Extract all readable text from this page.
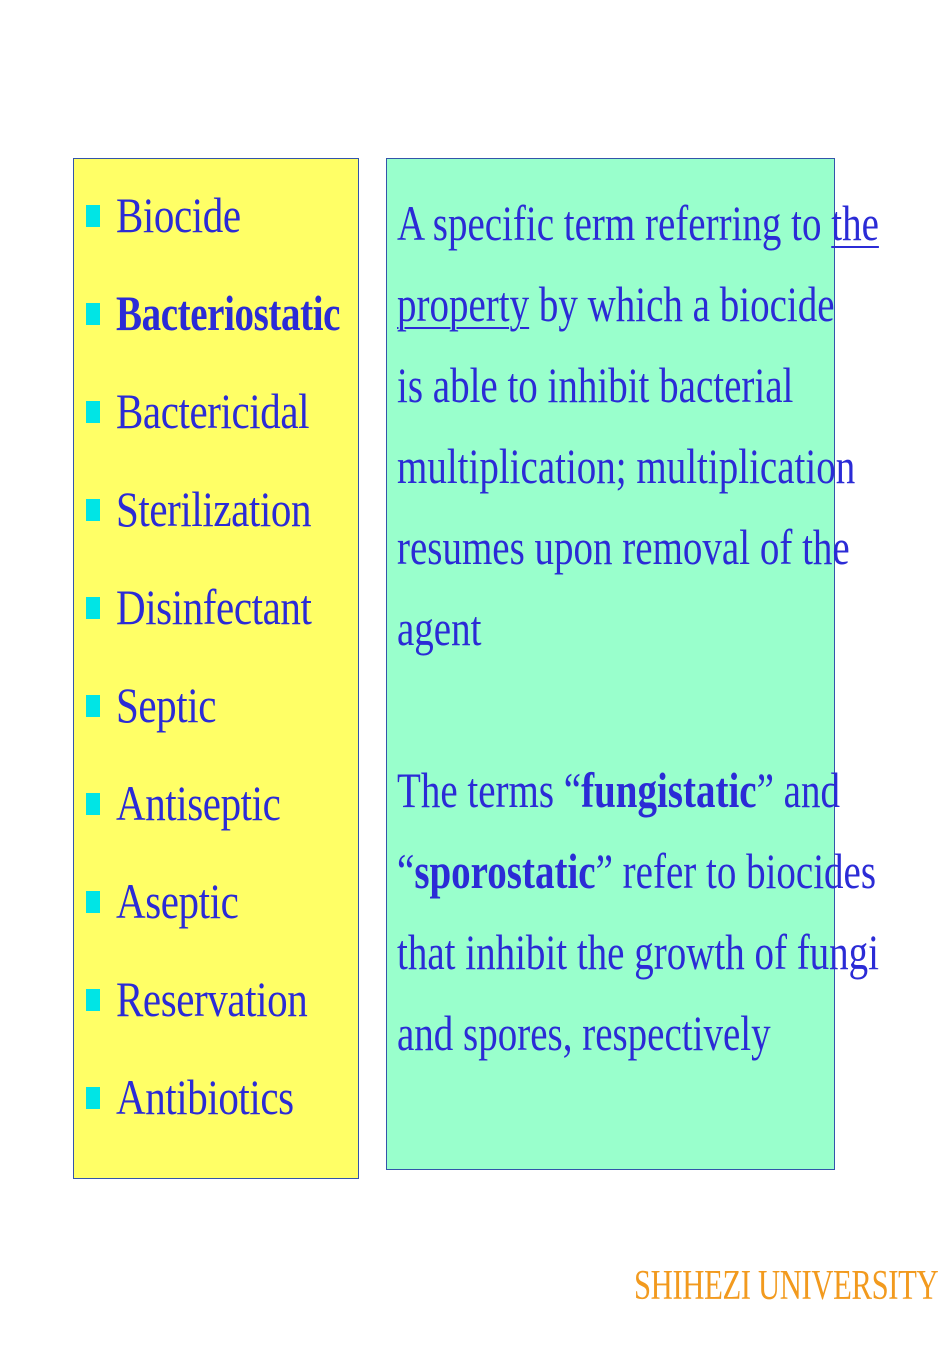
Biocide
Bacteriostatic
Bactericidal
Sterilization
Disinfectant
Septic
Antiseptic
Aseptic
Reservation
Antibiotics
A specific term referring to the
property by which a biocide
is able to inhibit bacterial
multiplication; multiplication
resumes upon removal of the
agent
The terms “fungistatic” and
“sporostatic” refer to biocides
that inhibit the growth of fungi
and spores, respectively
SHIHEZI UNIVERSITY
